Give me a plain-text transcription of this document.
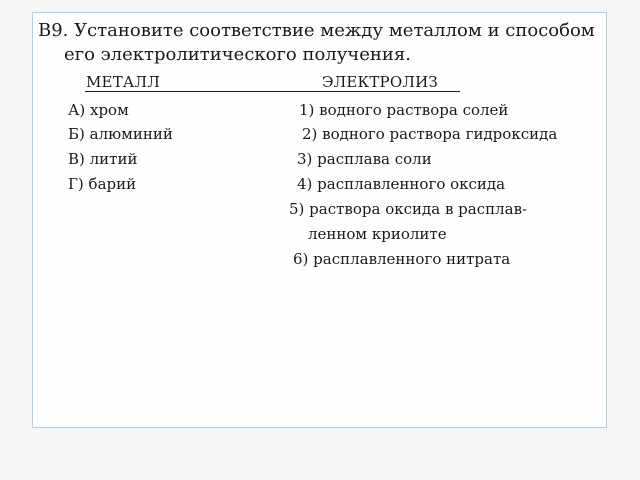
В9. Установите соответствие между металлом и способом его электролитического получения.
МЕТАЛЛ	ЭЛЕКТРОЛИЗ
А) хром
Б) алюминий
В) литий
Г) барий
1) водного раствора солей
2) водного раствора гидроксида
3) расплава соли
4) расплавленного оксида
5) раствора оксида в расплав-
ленном криолите
6) расплавленного нитрата
